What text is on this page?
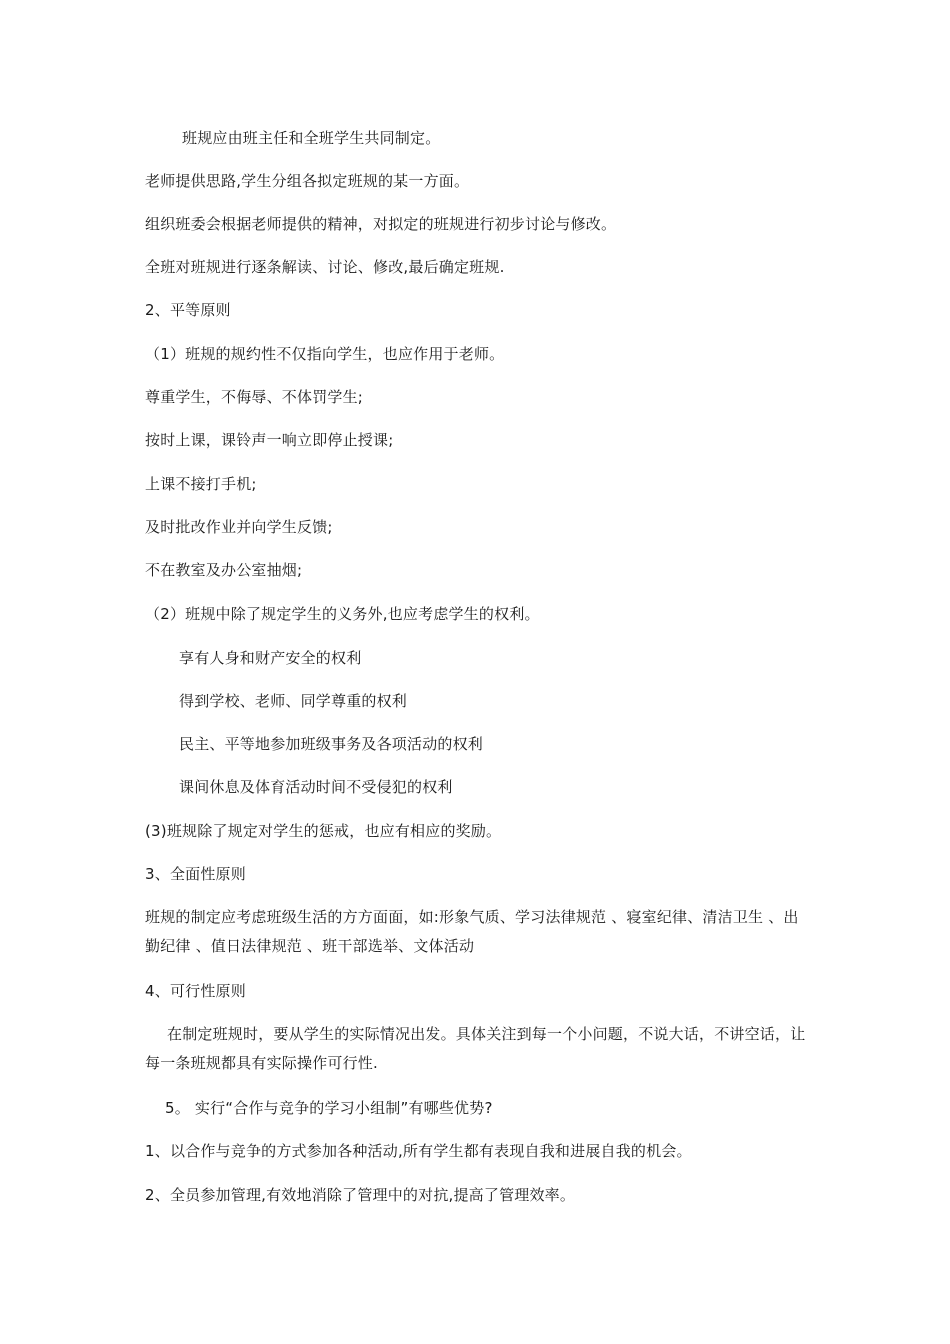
班规应由班主任和全班学生共同制定。
老师提供思路,学生分组各拟定班规的某一方面。
组织班委会根据老师提供的精神，对拟定的班规进行初步讨论与修改。
全班对班规进行逐条解读、讨论、修改,最后确定班规.
2、平等原则
（1）班规的规约性不仅指向学生，也应作用于老师。
尊重学生，不侮辱、不体罚学生;
按时上课，课铃声一响立即停止授课;
上课不接打手机;
及时批改作业并向学生反馈;
不在教室及办公室抽烟;
（2）班规中除了规定学生的义务外,也应考虑学生的权利。
享有人身和财产安全的权利
得到学校、老师、同学尊重的权利
民主、平等地参加班级事务及各项活动的权利
课间休息及体育活动时间不受侵犯的权利
(3)班规除了规定对学生的惩戒，也应有相应的奖励。
3、全面性原则
班规的制定应考虑班级生活的方方面面，如:形象气质、学习法律规范 、寝室纪律、清洁卫生 、出勤纪律 、值日法律规范 、班干部选举、文体活动
4、可行性原则
在制定班规时，要从学生的实际情况出发。具体关注到每一个小问题，不说大话，不讲空话，让每一条班规都具有实际操作可行性.
5。 实行“合作与竞争的学习小组制”有哪些优势?
1、以合作与竞争的方式参加各种活动,所有学生都有表现自我和进展自我的机会。
2、全员参加管理,有效地消除了管理中的对抗,提高了管理效率。
